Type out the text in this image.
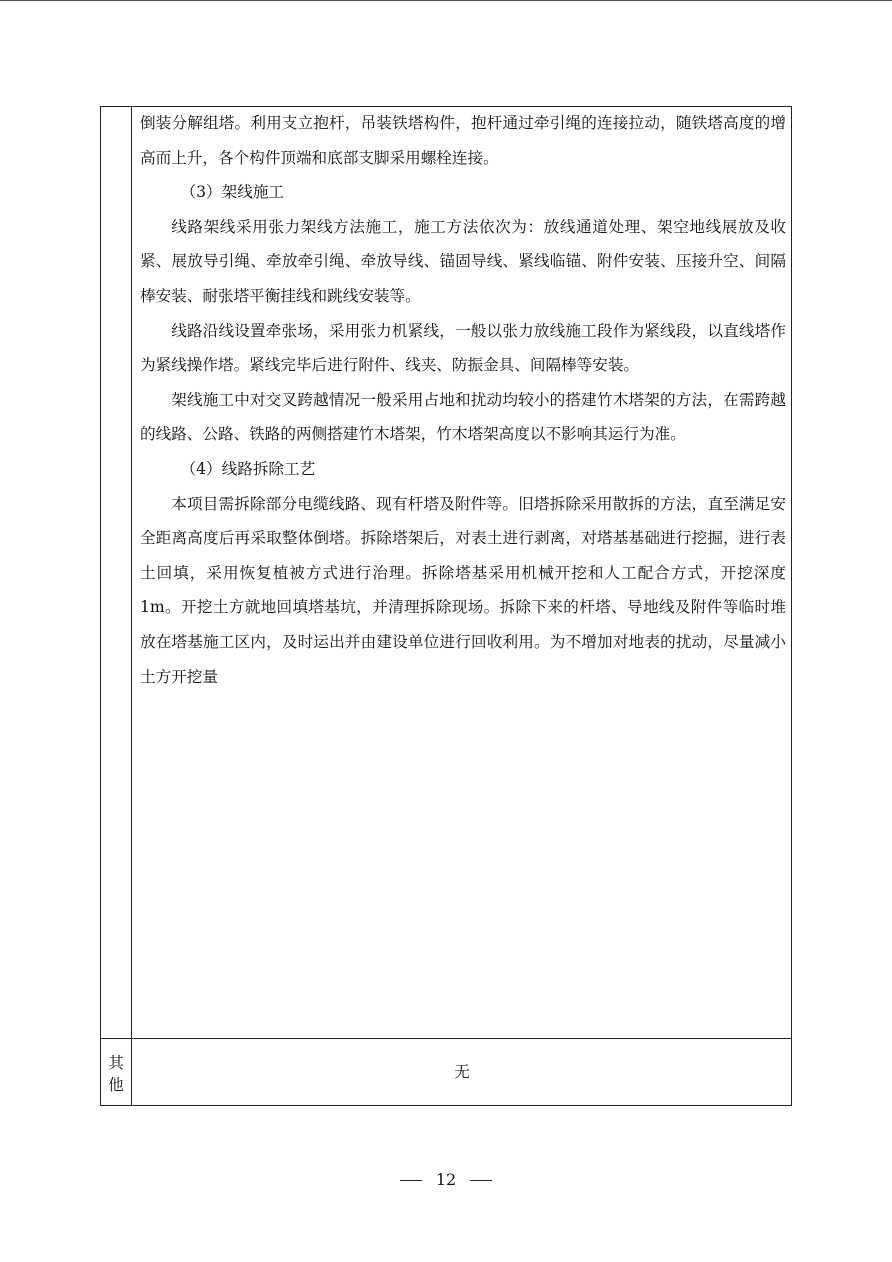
倒装分解组塔。利用支立抱杆，吊装铁塔构件，抱杆通过牵引绳的连接拉动，随铁塔高度的增高而上升，各个构件顶端和底部支脚采用螺栓连接。

（3）架线施工

线路架线采用张力架线方法施工，施工方法依次为：放线通道处理、架空地线展放及收紧、展放导引绳、牵放牵引绳、牵放导线、锚固导线、紧线临锚、附件安装、压接升空、间隔棒安装、耐张塔平衡挂线和跳线安装等。

线路沿线设置牵张场，采用张力机紧线，一般以张力放线施工段作为紧线段，以直线塔作为紧线操作塔。紧线完毕后进行附件、线夹、防振金具、间隔棒等安装。

架线施工中对交叉跨越情况一般采用占地和扰动均较小的搭建竹木塔架的方法，在需跨越的线路、公路、铁路的两侧搭建竹木塔架，竹木塔架高度以不影响其运行为准。

（4）线路拆除工艺

本项目需拆除部分电缆线路、现有杆塔及附件等。旧塔拆除采用散拆的方法，直至满足安全距离高度后再采取整体倒塔。拆除塔架后，对表土进行剥离，对塔基基础进行挖掘，进行表土回填，采用恢复植被方式进行治理。拆除塔基采用机械开挖和人工配合方式，开挖深度 1m。开挖土方就地回填塔基坑，并清理拆除现场。拆除下来的杆塔、导地线及附件等临时堆放在塔基施工区内，及时运出并由建设单位进行回收利用。为不增加对地表的扰动，尽量减小土方开挖量

其
他
无
12
